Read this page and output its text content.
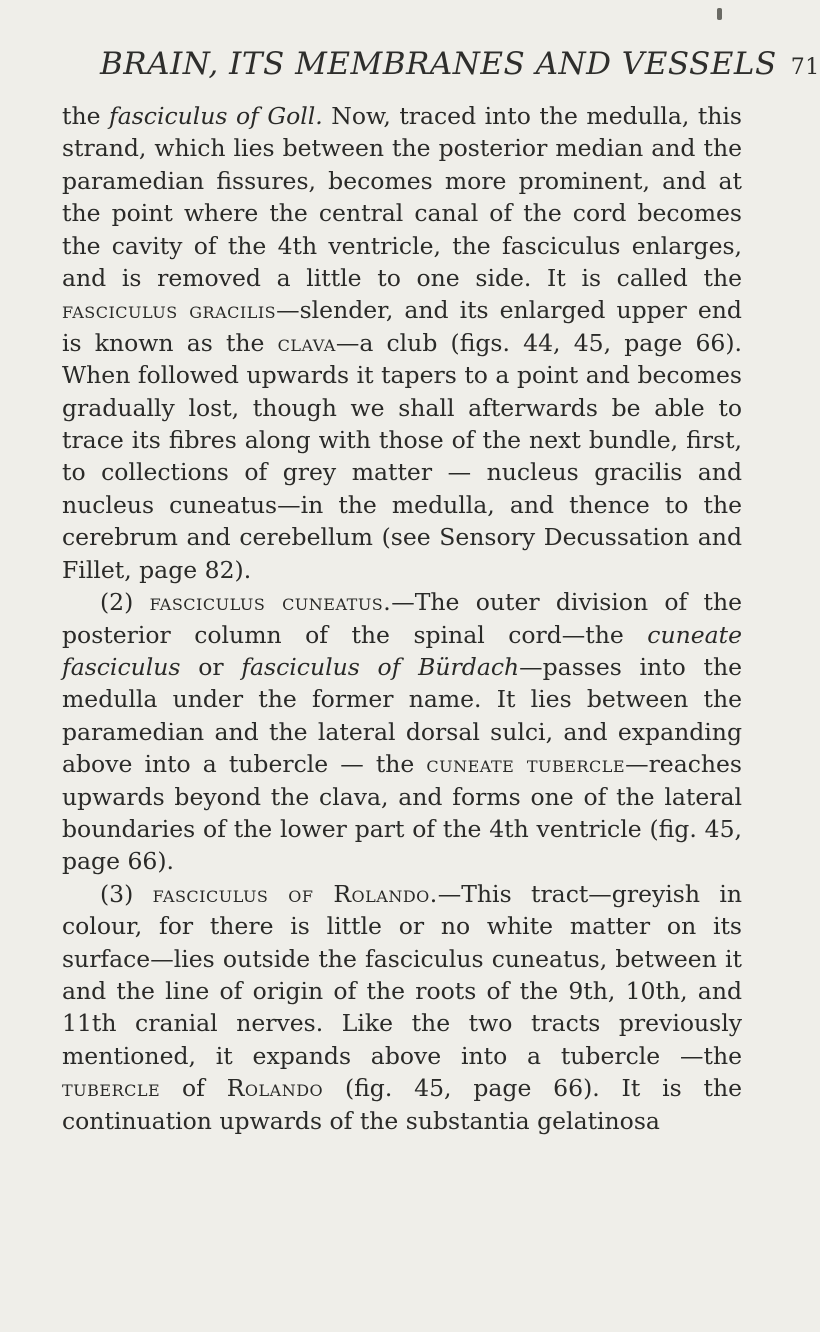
BRAIN, ITS MEMBRANES AND VESSELS 71

the fasciculus of Goll. Now, traced into the medulla, this strand, which lies between the posterior median and the paramedian fissures, becomes more prominent, and at the point where the central canal of the cord becomes the cavity of the 4th ventricle, the fasciculus enlarges, and is removed a little to one side. It is called the fasciculus gracilis—slender, and its enlarged upper end is known as the clava—a club (figs. 44, 45, page 66). When followed upwards it tapers to a point and becomes gradually lost, though we shall afterwards be able to trace its fibres along with those of the next bundle, first, to collections of grey matter — nucleus gracilis and nucleus cuneatus—in the medulla, and thence to the cerebrum and cerebellum (see Sensory Decussation and Fillet, page 82).

(2) fasciculus cuneatus.—The outer division of the posterior column of the spinal cord—the cuneate fasciculus or fasciculus of Bürdach—passes into the medulla under the former name. It lies between the paramedian and the lateral dorsal sulci, and expanding above into a tubercle — the cuneate tubercle—reaches upwards beyond the clava, and forms one of the lateral boundaries of the lower part of the 4th ventricle (fig. 45, page 66).

(3) fasciculus of Rolando.—This tract—greyish in colour, for there is little or no white matter on its surface—lies outside the fasciculus cuneatus, between it and the line of origin of the roots of the 9th, 10th, and 11th cranial nerves. Like the two tracts previously mentioned, it expands above into a tubercle —the tubercle of Rolando (fig. 45, page 66). It is the continuation upwards of the substantia gelatinosa
